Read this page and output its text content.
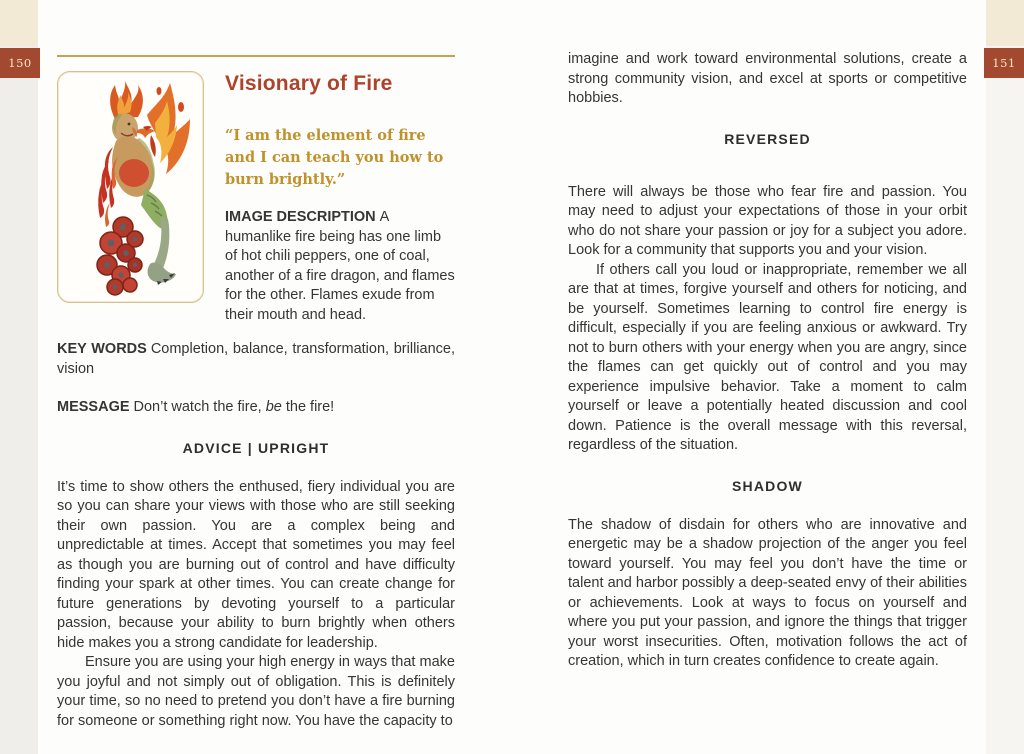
150	151
Visionary of Fire

“I am the element of fire and I can teach you how to burn brightly.”

IMAGE DESCRIPTION A humanlike fire being has one limb of hot chili peppers, one of coal, another of a fire dragon, and flames for the other. Flames exude from their mouth and head.

KEY WORDS Completion, balance, transformation, brilliance, vision

MESSAGE Don’t watch the fire, be the fire!

ADVICE | UPRIGHT

It’s time to show others the enthused, fiery individual you are so you can share your views with those who are still seeking their own passion. You are a complex being and unpredictable at times. Accept that sometimes you may feel as though you are burning out of control and have difficulty finding your spark at other times. You can create change for future generations by devoting yourself to a particular passion, because your ability to burn brightly when others hide makes you a strong candidate for leadership.

Ensure you are using your high energy in ways that make you joyful and not simply out of obligation. This is definitely your time, so no need to pretend you don’t have a fire burning for someone or something right now. You have the capacity to

imagine and work toward environmental solutions, create a strong community vision, and excel at sports or competitive hobbies.

REVERSED

There will always be those who fear fire and passion. You may need to adjust your expectations of those in your orbit who do not share your passion or joy for a subject you adore. Look for a community that supports you and your vision.

If others call you loud or inappropriate, remember we all are that at times, forgive yourself and others for noticing, and be yourself. Sometimes learning to control fire energy is difficult, especially if you are feeling anxious or awkward. Try not to burn others with your energy when you are angry, since the flames can get quickly out of control and you may experience impulsive behavior. Take a moment to calm yourself or leave a potentially heated discussion and cool down. Patience is the overall message with this reversal, regardless of the situation.

SHADOW

The shadow of disdain for others who are innovative and energetic may be a shadow projection of the anger you feel toward yourself. You may feel you don’t have the time or talent and harbor possibly a deep-seated envy of their abilities or achievements. Look at ways to focus on yourself and where you put your passion, and ignore the things that trigger your worst insecurities. Often, motivation follows the act of creation, which in turn creates confidence to create again.
